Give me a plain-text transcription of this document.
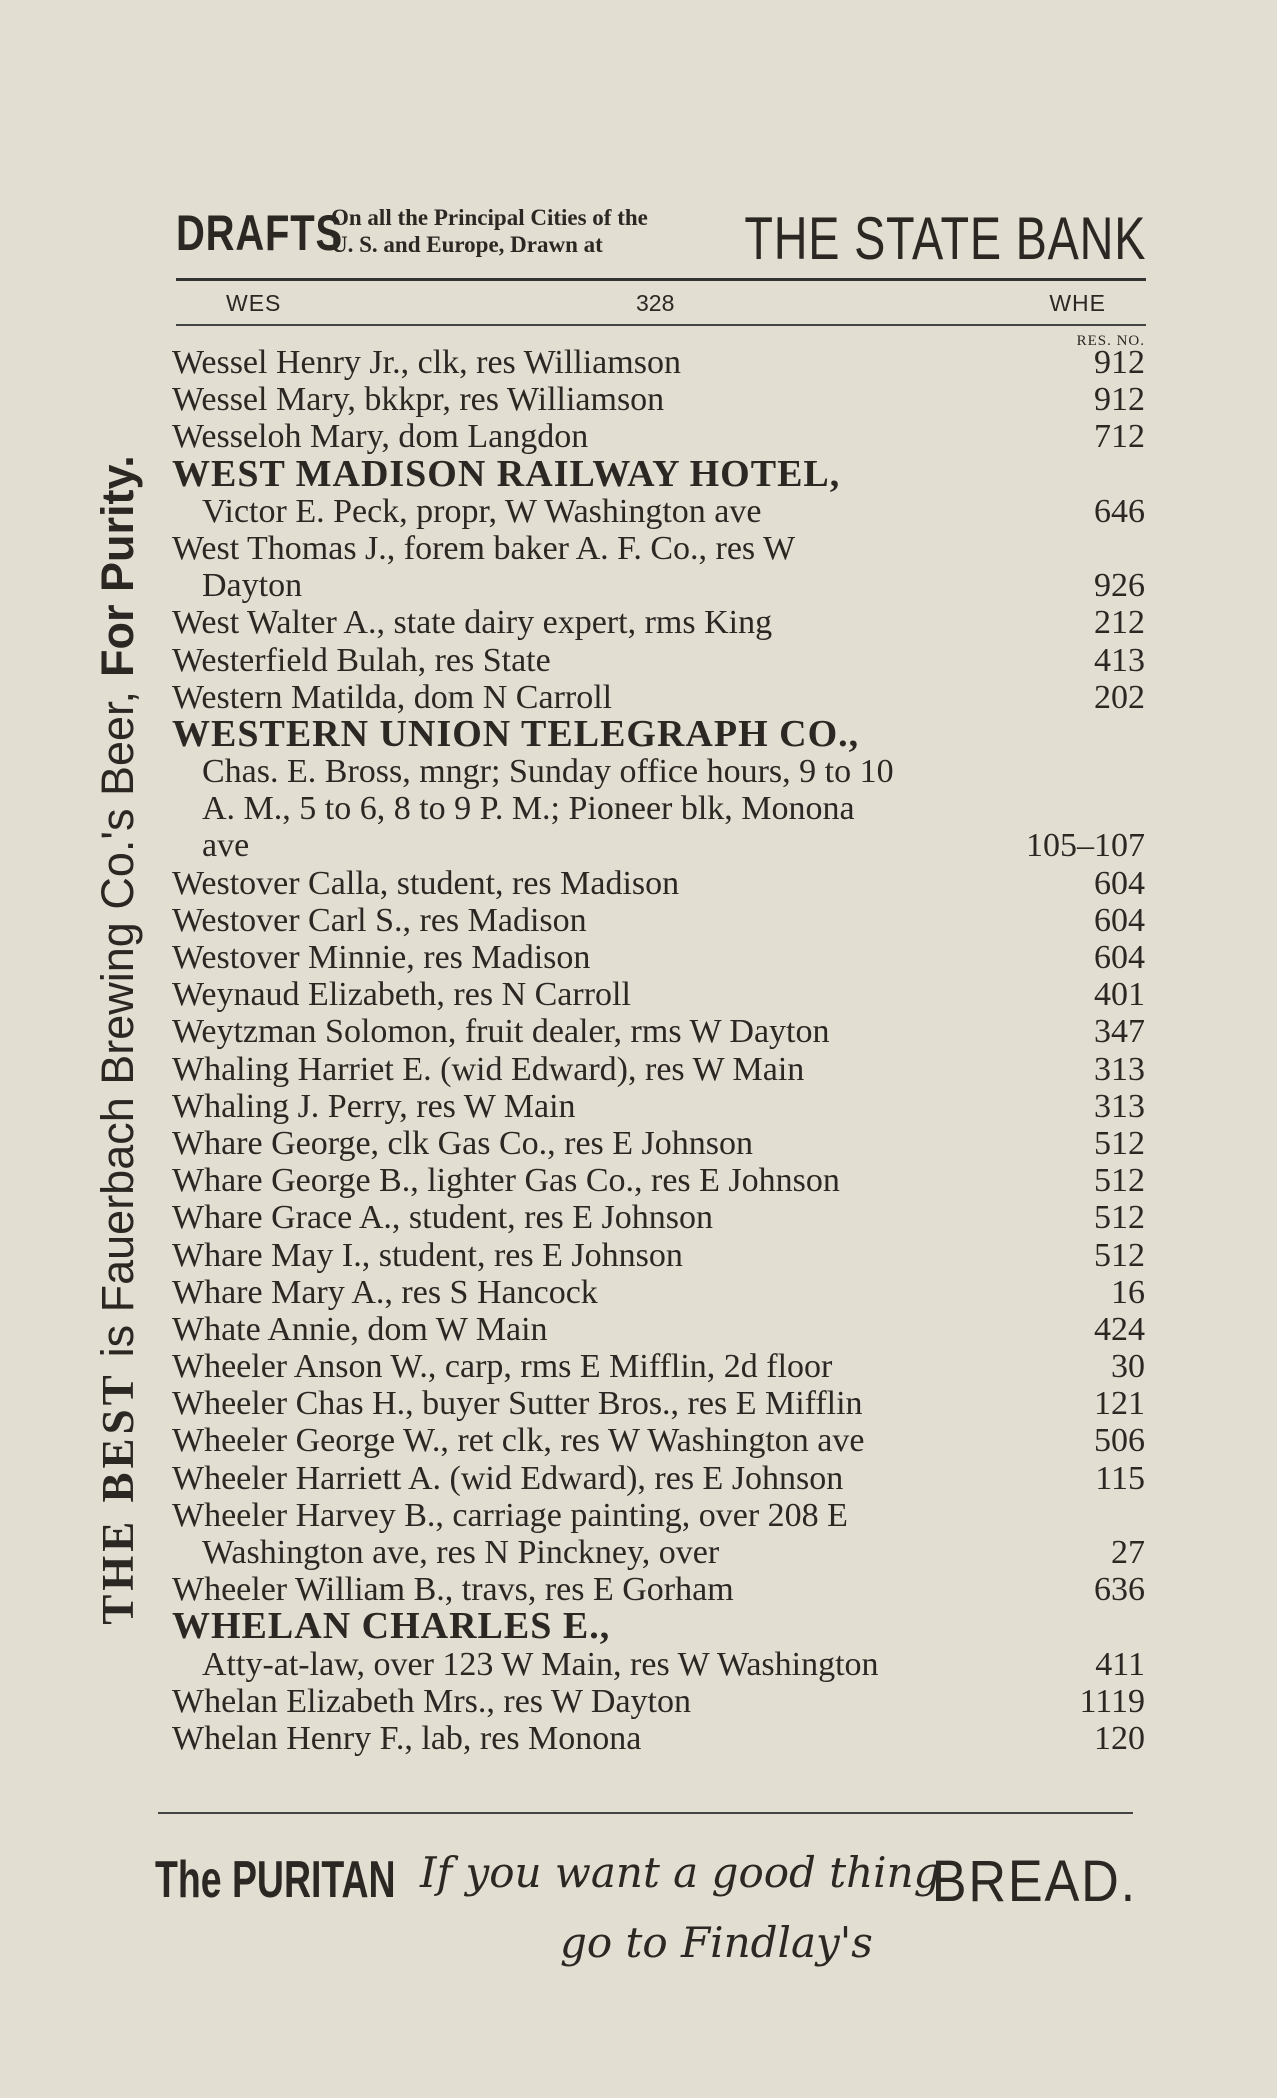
THE BEST
is Fauerbach Brewing Co.'s Beer,
For Purity.
DRAFTS
On all the Principal Cities of the
U. S. and Europe, Drawn at	THE STATE BANK
WES	328	WHE
RES. NO.
Wessel Henry Jr., clk, res Williamson	912
Wessel Mary, bkkpr, res Williamson	912
Wesseloh Mary, dom Langdon	712
WEST MADISON RAILWAY HOTEL,
Victor E. Peck, propr, W Washington ave	646
West Thomas J., forem baker A. F. Co., res W
Dayton	926
West Walter A., state dairy expert, rms King	212
Westerfield Bulah, res State	413
Western Matilda, dom N Carroll	202
WESTERN UNION TELEGRAPH CO.,
Chas. E. Bross, mngr; Sunday office hours, 9 to 10
A. M., 5 to 6, 8 to 9 P. M.; Pioneer blk, Monona
ave	105–107
Westover Calla, student, res Madison	604
Westover Carl S., res Madison	604
Westover Minnie, res Madison	604
Weynaud Elizabeth, res N Carroll	401
Weytzman Solomon, fruit dealer, rms W Dayton	347
Whaling Harriet E. (wid Edward), res W Main	313
Whaling J. Perry, res W Main	313
Whare George, clk Gas Co., res E Johnson	512
Whare George B., lighter Gas Co., res E Johnson	512
Whare Grace A., student, res E Johnson	512
Whare May I., student, res E Johnson	512
Whare Mary A., res S Hancock	16
Whate Annie, dom W Main	424
Wheeler Anson W., carp, rms E Mifflin, 2d floor	30
Wheeler Chas H., buyer Sutter Bros., res E Mifflin	121
Wheeler George W., ret clk, res W Washington ave	506
Wheeler Harriett A. (wid Edward), res E Johnson	115
Wheeler Harvey B., carriage painting, over 208 E
Washington ave, res N Pinckney, over	27
Wheeler William B., travs, res E Gorham	636
WHELAN CHARLES E.,
Atty-at-law, over 123 W Main, res W Washington	411
Whelan Elizabeth Mrs., res W Dayton	1119
Whelan Henry F., lab, res Monona	120
The PURITAN If you want a good thing
go to Findlay's
BREAD.
